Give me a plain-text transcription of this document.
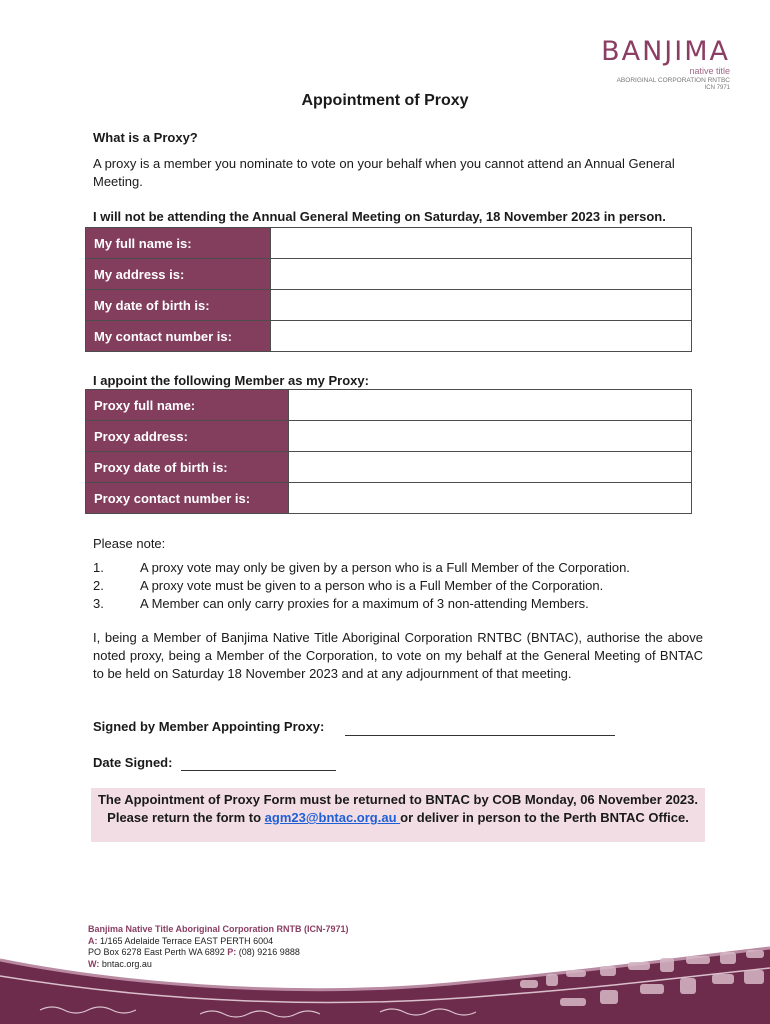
BANJIMA
native title
ABORIGINAL CORPORATION RNTBC
ICN 7971
Appointment of Proxy
What is a Proxy?
A proxy is a member you nominate to vote on your behalf when you cannot attend an Annual General Meeting.
I will not be attending the Annual General Meeting on Saturday, 18 November 2023 in person.
My full name is:	
My address is:	
My date of birth is:	
My contact number is:	
I appoint the following Member as my Proxy:
Proxy full name:	
Proxy address:	
Proxy date of birth is:	
Proxy contact number is:	
Please note:
1.	A proxy vote may only be given by a person who is a Full Member of the Corporation.
2.	A proxy vote must be given to a person who is a Full Member of the Corporation.
3.	A Member can only carry proxies for a maximum of 3 non-attending Members.
I, being a Member of Banjima Native Title Aboriginal Corporation RNTBC (BNTAC), authorise the above noted proxy, being a Member of the Corporation, to vote on my behalf at the General Meeting of BNTAC to be held on Saturday 18 November 2023 and at any adjournment of that meeting.
Signed by Member Appointing Proxy:
Date Signed:
The Appointment of Proxy Form must be returned to BNTAC by COB Monday, 06 November 2023. Please return the form to agm23@bntac.org.au or deliver in person to the Perth BNTAC Office.
Banjima Native Title Aboriginal Corporation RNTB (ICN-7971)
A: 1/165 Adelaide Terrace EAST PERTH 6004
PO Box 6278 East Perth WA 6892 P: (08) 9216 9888
W: bntac.org.au
